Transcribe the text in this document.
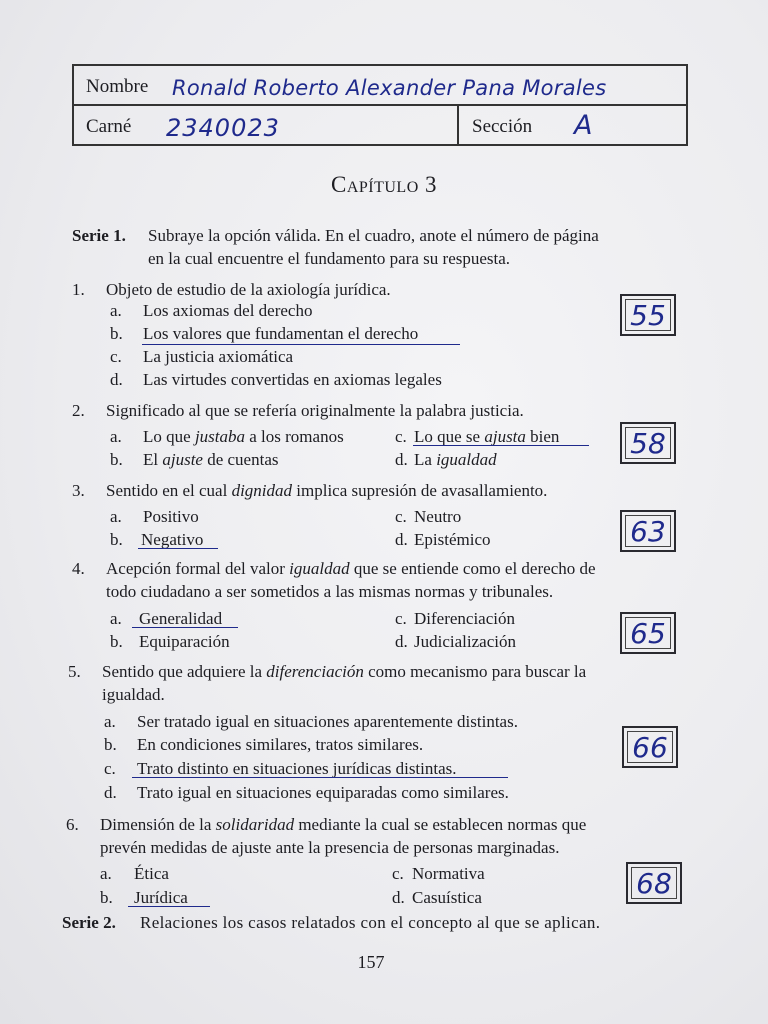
Nombre Ronald Roberto Alexander Pana Morales
Carné 2340023	Sección A
Capítulo 3
Serie 1. Subraye la opción válida. En el cuadro, anote el número de página
en la cual encuentre el fundamento para su respuesta.
1. Objeto de estudio de la axiología jurídica.
a. Los axiomas del derecho
b. Los valores que fundamentan el derecho
c. La justicia axiomática
d. Las virtudes convertidas en axiomas legales
55
2. Significado al que se refería originalmente la palabra justicia.
a. Lo que justaba a los romanos	c. Lo que se ajusta bien
b. El ajuste de cuentas	d. La igualdad	58
3. Sentido en el cual dignidad implica supresión de avasallamiento.
a. Positivo	c. Neutro
b. Negativo	d. Epistémico	63
4. Acepción formal del valor igualdad que se entiende como el derecho de
todo ciudadano a ser sometidos a las mismas normas y tribunales.
a. Generalidad	c. Diferenciación
b. Equiparación	d. Judicialización	65
5. Sentido que adquiere la diferenciación como mecanismo para buscar la
igualdad.
a. Ser tratado igual en situaciones aparentemente distintas.
b. En condiciones similares, tratos similares.
c. Trato distinto en situaciones jurídicas distintas.
d. Trato igual en situaciones equiparadas como similares.
66
6. Dimensión de la solidaridad mediante la cual se establecen normas que
prevén medidas de ajuste ante la presencia de personas marginadas.
a. Ética	c. Normativa
b. Jurídica	d. Casuística	68
Serie 2. Relaciones los casos relatados con el concepto al que se aplican.
157
